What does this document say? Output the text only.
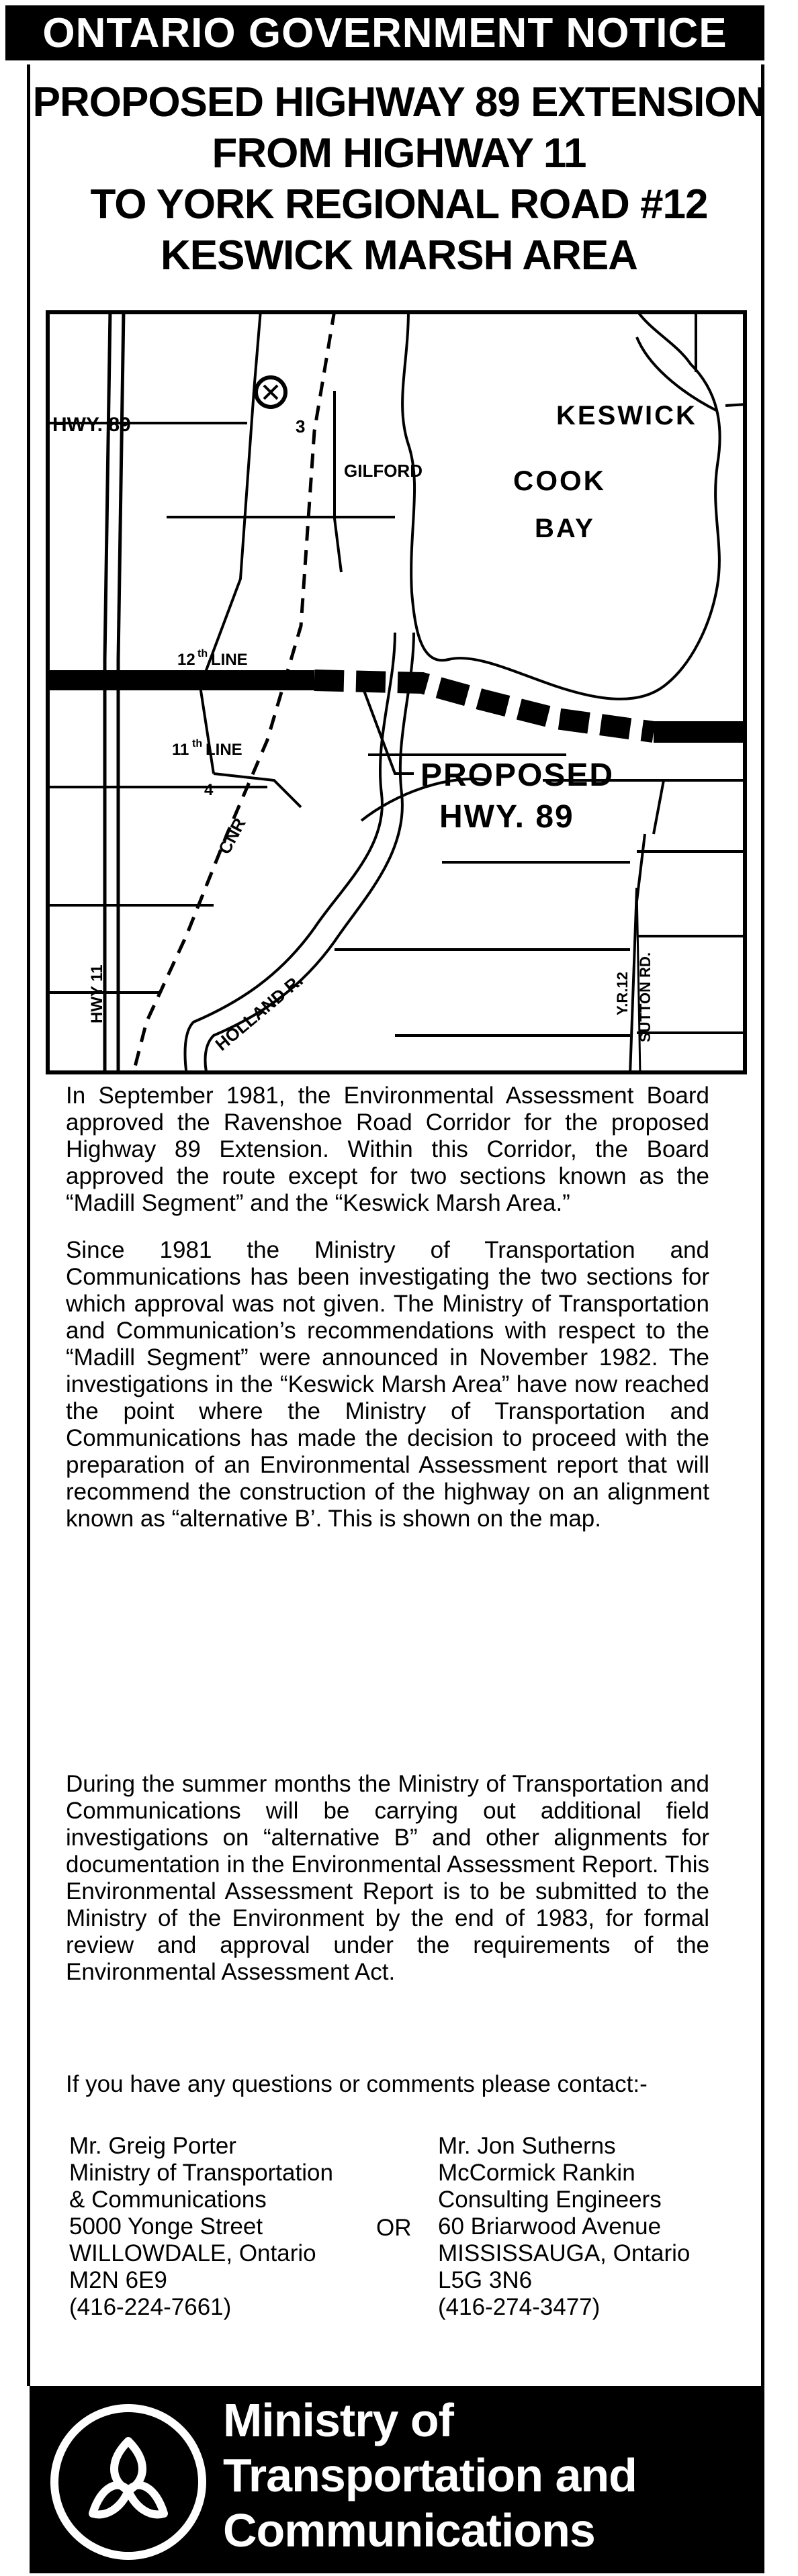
ONTARIO GOVERNMENT NOTICE
PROPOSED HIGHWAY 89 EXTENSION
FROM HIGHWAY 11
TO YORK REGIONAL ROAD #12
KESWICK MARSH AREA
HWY. 89	3
GILFORD
KESWICK
COOK
BAY
12 th LINE
11 th LINE
4
CNR
PROPOSED
HWY. 89
HWY 11	HOLLAND R.	Y.R.12 SUTTON RD.

In September 1981, the Environmental Assessment Board approved the Ravenshoe Road Corridor for the proposed Highway 89 Extension. Within this Corridor, the Board approved the route except for two sections known as the “Madill Segment” and the “Keswick Marsh Area.”

Since 1981 the Ministry of Transportation and Communications has been investigating the two sections for which approval was not given. The Ministry of Transportation and Communication’s recommendations with respect to the “Madill Segment” were announced in November 1982. The investigations in the “Keswick Marsh Area” have now reached the point where the Ministry of Transportation and Communications has made the decision to proceed with the preparation of an Environmental Assessment report that will recommend the construction of the highway on an alignment known as “alternative B’. This is shown on the map.

During the summer months the Ministry of Transportation and Communications will be carrying out additional field investigations on “alternative B” and other alignments for documentation in the Environmental Assessment Report. This Environmental Assessment Report is to be submitted to the Ministry of the Environment by the end of 1983, for formal review and approval under the requirements of the Environmental Assessment Act.

If you have any questions or comments please contact:-

Mr. Greig Porter
Ministry of Transportation
& Communications
5000 Yonge Street
WILLOWDALE, Ontario
M2N 6E9
(416-224-7661)
OR
Mr. Jon Sutherns
McCormick Rankin
Consulting Engineers
60 Briarwood Avenue
MISSISSAUGA, Ontario
L5G 3N6
(416-274-3477)
Ministry of
Transportation and
Communications
